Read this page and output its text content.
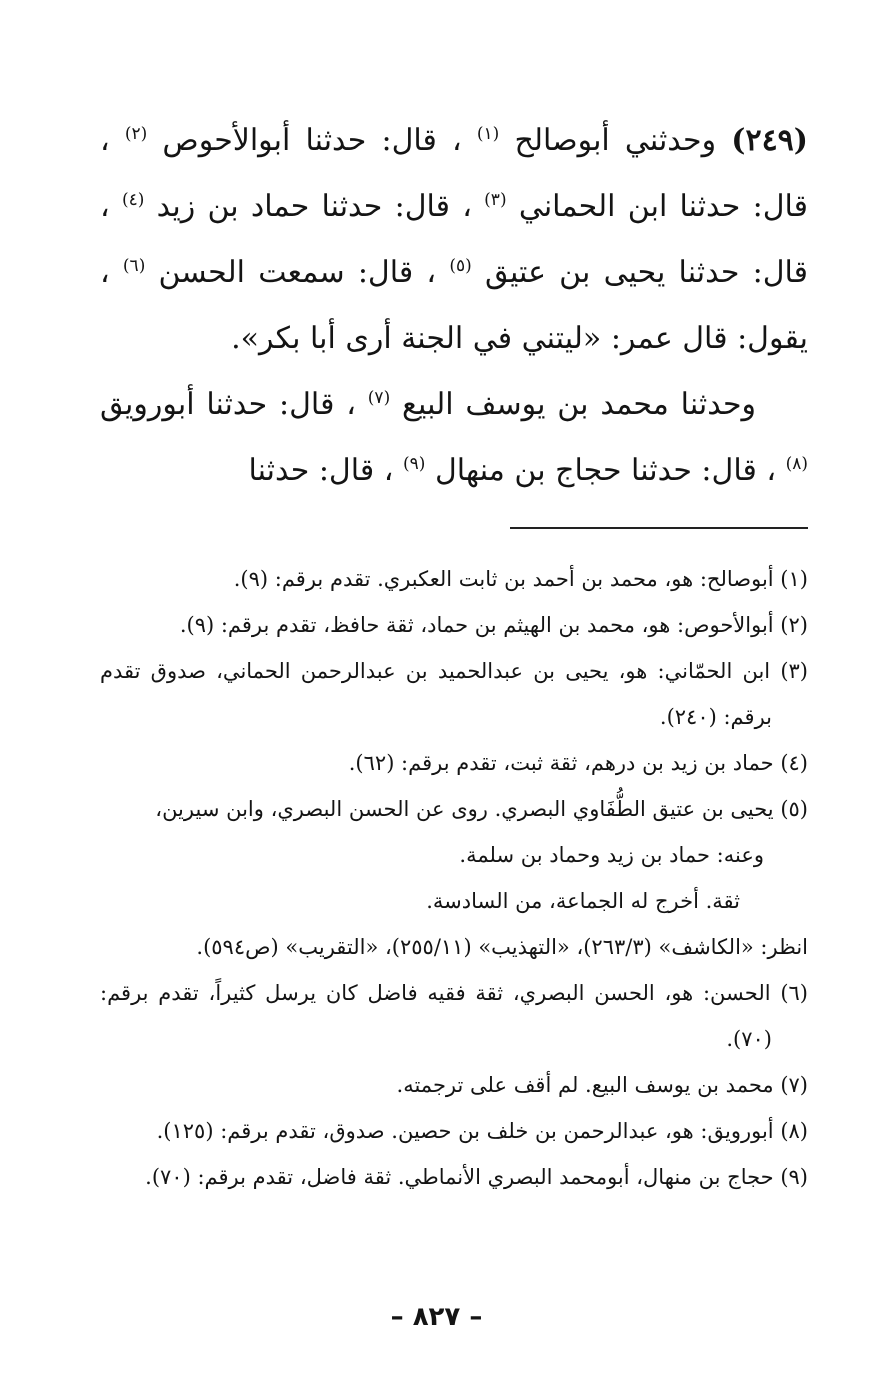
(٢٤٩) وحدثني أبوصالح $^{(١)}$ ، قال: حدثنا أبوالأحوص $^{(٢)}$ ، قال: حدثنا ابن الحماني $^{(٣)}$ ، قال: حدثنا حماد بن زيد $^{(٤)}$ ، قال: حدثنا يحيى بن عتيق $^{(٥)}$ ، قال: سمعت الحسن $^{(٦)}$ ، يقول: قال عمر: «ليتني في الجنة أرى أبا بكر».

وحدثنا محمد بن يوسف البيع $^{(٧)}$ ، قال: حدثنا أبورويق $^{(٨)}$ ، قال: حدثنا حجاج بن منهال $^{(٩)}$ ، قال: حدثنا

(١) أبوصالح: هو، محمد بن أحمد بن ثابت العكبري. تقدم برقم: (٩).

(٢) أبوالأحوص: هو، محمد بن الهيثم بن حماد، ثقة حافظ، تقدم برقم: (٩).

(٣) ابن الحمّاني: هو، يحيى بن عبدالحميد بن عبدالرحمن الحماني، صدوق تقدم برقم: (٢٤٠).

(٤) حماد بن زيد بن درهم، ثقة ثبت، تقدم برقم: (٦٢).

(٥) يحيى بن عتيق الطُّفَاوي البصري. روى عن الحسن البصري، وابن سيرين،

وعنه: حماد بن زيد وحماد بن سلمة.

ثقة. أخرج له الجماعة، من السادسة.

انظر: «الكاشف» (٢٦٣/٣)، «التهذيب» (٢٥٥/١١)، «التقريب» (ص٥٩٤).

(٦) الحسن: هو، الحسن البصري، ثقة فقيه فاضل كان يرسل كثيراً، تقدم برقم: (٧٠).

(٧) محمد بن يوسف البيع. لم أقف على ترجمته.

(٨) أبورويق: هو، عبدالرحمن بن خلف بن حصين. صدوق، تقدم برقم: (١٢٥).

(٩) حجاج بن منهال، أبومحمد البصري الأنماطي. ثقة فاضل، تقدم برقم: (٧٠).

– ٨٢٧ –
